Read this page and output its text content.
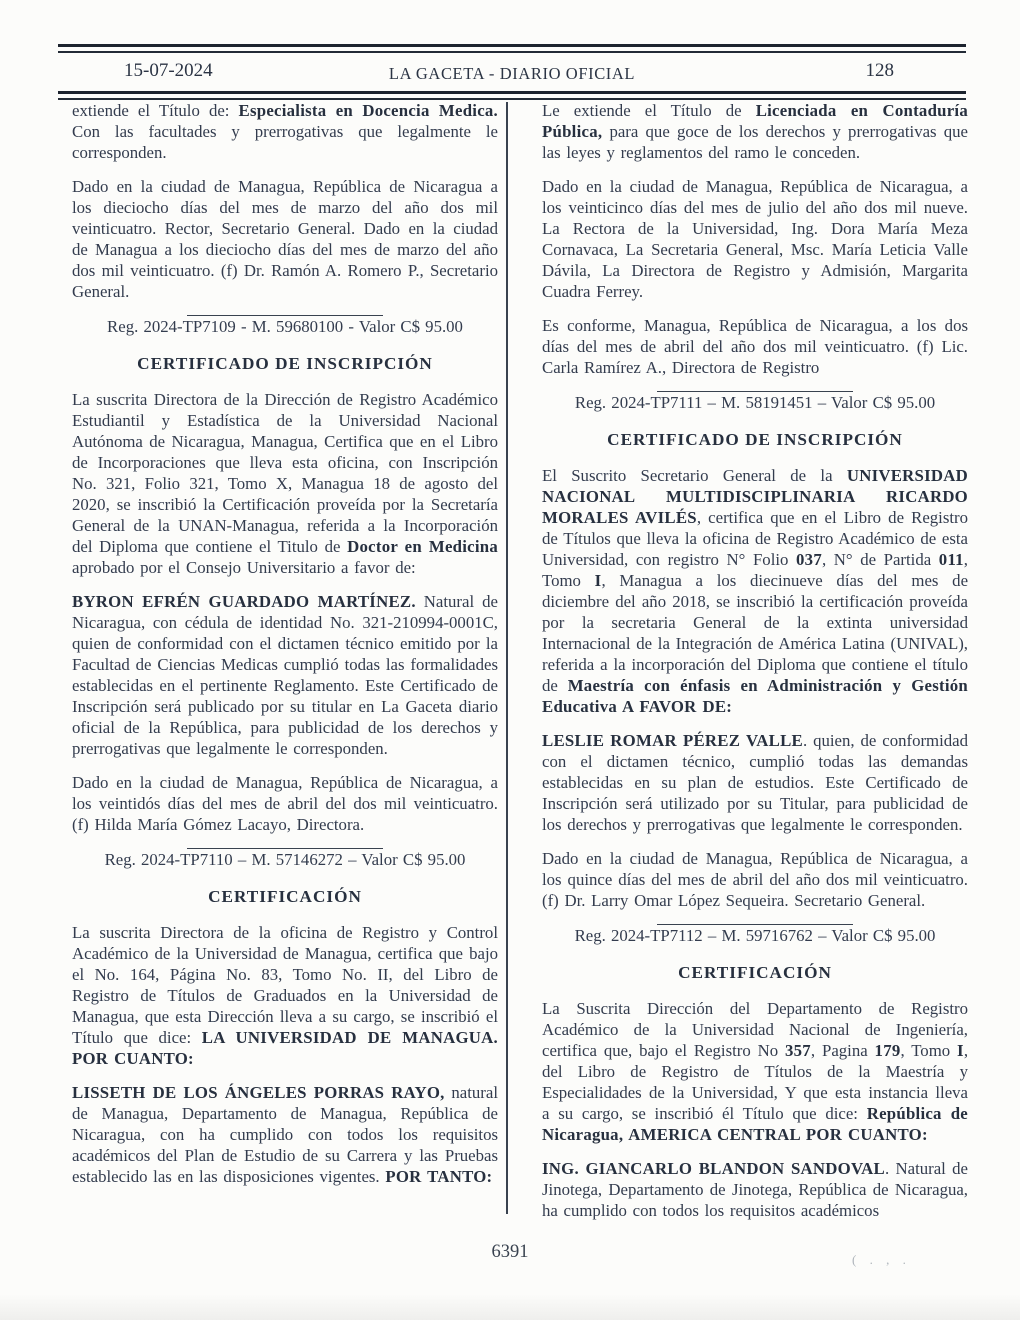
15-07-2024	LA GACETA - DIARIO OFICIAL	128

extiende el Título de: Especialista en Docencia Medica. Con las facultades y prerrogativas que legalmente le corresponden.

Dado en la ciudad de Managua, República de Nicaragua a los dieciocho días del mes de marzo del año dos mil veinticuatro. Rector, Secretario General. Dado en la ciudad de Managua a los dieciocho días del mes de marzo del año dos mil veinticuatro. (f) Dr. Ramón A. Romero P., Secretario General.

Reg. 2024-TP7109 - M. 59680100 - Valor C$ 95.00
CERTIFICADO DE INSCRIPCIÓN

La suscrita Directora de la Dirección de Registro Académico Estudiantil y Estadística de la Universidad Nacional Autónoma de Nicaragua, Managua, Certifica que en el Libro de Incorporaciones que lleva esta oficina, con Inscripción No. 321, Folio 321, Tomo X, Managua 18 de agosto del 2020, se inscribió la Certificación proveída por la Secretaría General de la UNAN-Managua, referida a la Incorporación del Diploma que contiene el Titulo de Doctor en Medicina aprobado por el Consejo Universitario a favor de:

BYRON EFRÉN GUARDADO MARTÍNEZ. Natural de Nicaragua, con cédula de identidad No. 321-210994-0001C, quien de conformidad con el dictamen técnico emitido por la Facultad de Ciencias Medicas cumplió todas las formalidades establecidas en el pertinente Reglamento. Este Certificado de Inscripción será publicado por su titular en La Gaceta diario oficial de la República, para publicidad de los derechos y prerrogativas que legalmente le corresponden.

Dado en la ciudad de Managua, República de Nicaragua, a los veintidós días del mes de abril del dos mil veinticuatro. (f) Hilda María Gómez Lacayo, Directora.

Reg. 2024-TP7110 – M. 57146272 – Valor C$ 95.00
CERTIFICACIÓN

La suscrita Directora de la oficina de Registro y Control Académico de la Universidad de Managua, certifica que bajo el No. 164, Página No. 83, Tomo No. II, del Libro de Registro de Títulos de Graduados en la Universidad de Managua, que esta Dirección lleva a su cargo, se inscribió el Título que dice: LA UNIVERSIDAD DE MANAGUA. POR CUANTO:

LISSETH DE LOS ÁNGELES PORRAS RAYO, natural de Managua, Departamento de Managua, República de Nicaragua, con ha cumplido con todos los requisitos académicos del Plan de Estudio de su Carrera y las Pruebas establecido las en las disposiciones vigentes. POR TANTO:

Le extiende el Título de Licenciada en Contaduría Pública, para que goce de los derechos y prerrogativas que las leyes y reglamentos del ramo le conceden.

Dado en la ciudad de Managua, República de Nicaragua, a los veinticinco días del mes de julio del año dos mil nueve. La Rectora de la Universidad, Ing. Dora María Meza Cornavaca, La Secretaria General, Msc. María Leticia Valle Dávila, La Directora de Registro y Admisión, Margarita Cuadra Ferrey.

Es conforme, Managua, República de Nicaragua, a los dos días del mes de abril del año dos mil veinticuatro. (f) Lic. Carla Ramírez A., Directora de Registro

Reg. 2024-TP7111 – M. 58191451 – Valor C$ 95.00
CERTIFICADO DE INSCRIPCIÓN

El Suscrito Secretario General de la UNIVERSIDAD NACIONAL MULTIDISCIPLINARIA RICARDO MORALES AVILÉS, certifica que en el Libro de Registro de Títulos que lleva la oficina de Registro Académico de esta Universidad, con registro N° Folio 037, N° de Partida 011, Tomo I, Managua a los diecinueve días del mes de diciembre del año 2018, se inscribió la certificación proveída por la secretaria General de la extinta universidad Internacional de la Integración de América Latina (UNIVAL), referida a la incorporación del Diploma que contiene el título de Maestría con énfasis en Administración y Gestión Educativa A FAVOR DE:

LESLIE ROMAR PÉREZ VALLE. quien, de conformidad con el dictamen técnico, cumplió todas las demandas establecidas en su plan de estudios. Este Certificado de Inscripción será utilizado por su Titular, para publicidad de los derechos y prerrogativas que legalmente le corresponden.

Dado en la ciudad de Managua, República de Nicaragua, a los quince días del mes de abril del año dos mil veinticuatro. (f) Dr. Larry Omar López Sequeira. Secretario General.

Reg. 2024-TP7112 – M. 59716762 – Valor C$ 95.00
CERTIFICACIÓN

La Suscrita Dirección del Departamento de Registro Académico de la Universidad Nacional de Ingeniería, certifica que, bajo el Registro No 357, Pagina 179, Tomo I, del Libro de Registro de Títulos de la Maestría y Especialidades de la Universidad, Y que esta instancia lleva a su cargo, se inscribió él Título que dice: República de Nicaragua, AMERICA CENTRAL POR CUANTO:

ING. GIANCARLO BLANDON SANDOVAL. Natural de Jinotega, Departamento de Jinotega, República de Nicaragua, ha cumplido con todos los requisitos académicos

6391	( . , .
